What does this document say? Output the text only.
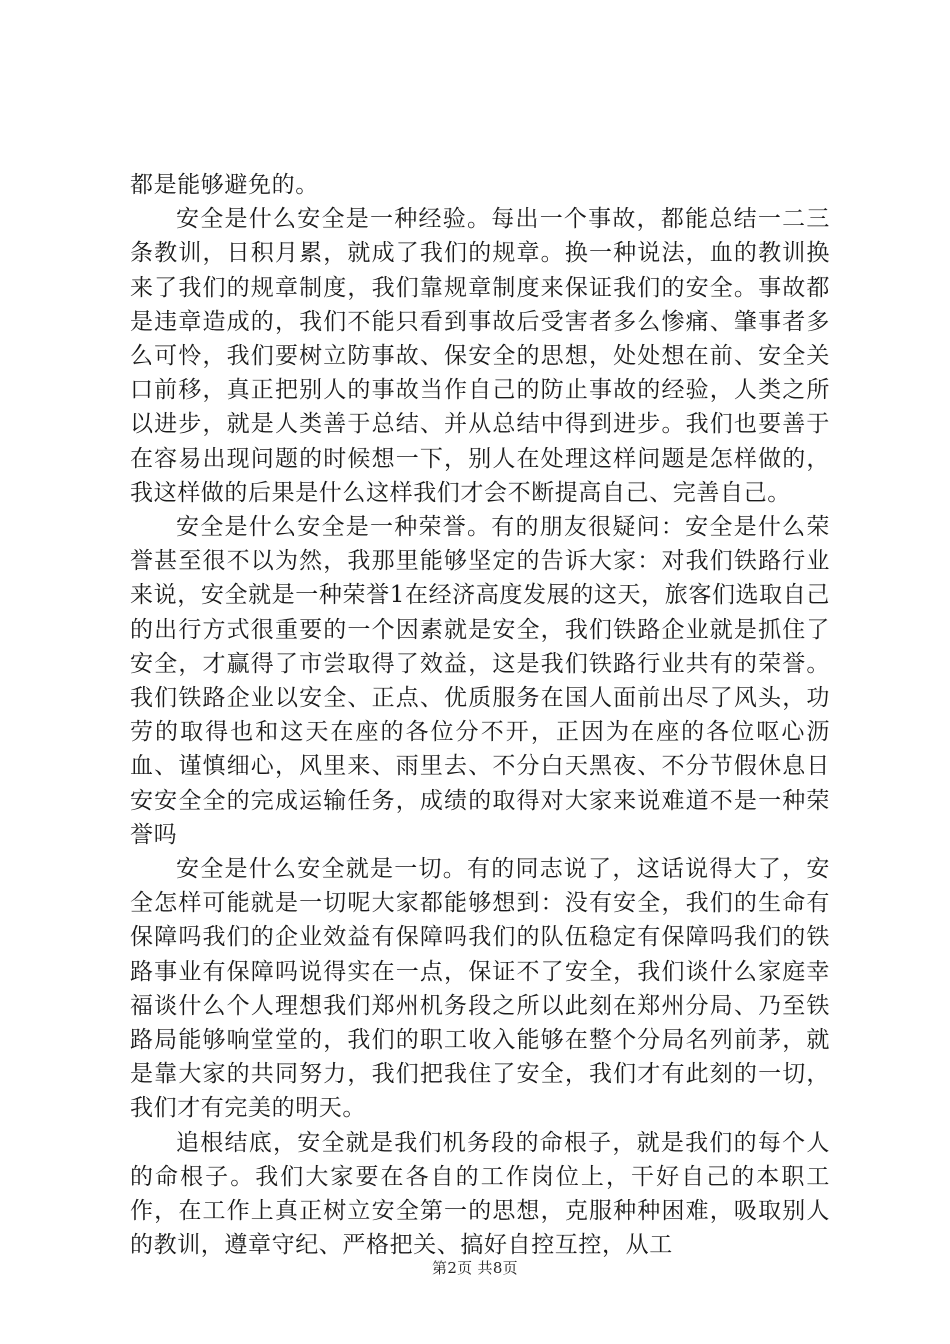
都是能够避免的。

安全是什么安全是一种经验。每出一个事故，都能总结一二三条教训，日积月累，就成了我们的规章。换一种说法，血的教训换来了我们的规章制度，我们靠规章制度来保证我们的安全。事故都是违章造成的，我们不能只看到事故后受害者多么惨痛、肇事者多么可怜，我们要树立防事故、保安全的思想，处处想在前、安全关口前移，真正把别人的事故当作自己的防止事故的经验，人类之所以进步，就是人类善于总结、并从总结中得到进步。我们也要善于在容易出现问题的时候想一下，别人在处理这样问题是怎样做的，我这样做的后果是什么这样我们才会不断提高自己、完善自己。

安全是什么安全是一种荣誉。有的朋友很疑问：安全是什么荣誉甚至很不以为然，我那里能够坚定的告诉大家：对我们铁路行业来说，安全就是一种荣誉1在经济高度发展的这天，旅客们选取自己的出行方式很重要的一个因素就是安全，我们铁路企业就是抓住了安全，才赢得了市尝取得了效益，这是我们铁路行业共有的荣誉。我们铁路企业以安全、正点、优质服务在国人面前出尽了风头，功劳的取得也和这天在座的各位分不开，正因为在座的各位呕心沥血、谨慎细心，风里来、雨里去、不分白天黑夜、不分节假休息日安安全全的完成运输任务，成绩的取得对大家来说难道不是一种荣誉吗

安全是什么安全就是一切。有的同志说了，这话说得大了，安全怎样可能就是一切呢大家都能够想到：没有安全，我们的生命有保障吗我们的企业效益有保障吗我们的队伍稳定有保障吗我们的铁路事业有保障吗说得实在一点，保证不了安全，我们谈什么家庭幸福谈什么个人理想我们郑州机务段之所以此刻在郑州分局、乃至铁路局能够响堂堂的，我们的职工收入能够在整个分局名列前茅，就是靠大家的共同努力，我们把我住了安全，我们才有此刻的一切，我们才有完美的明天。

追根结底，安全就是我们机务段的命根子，就是我们的每个人的命根子。我们大家要在各自的工作岗位上，干好自己的本职工作，在工作上真正树立安全第一的思想，克服种种困难，吸取别人的教训，遵章守纪、严格把关、搞好自控互控，从工

第2页 共8页
